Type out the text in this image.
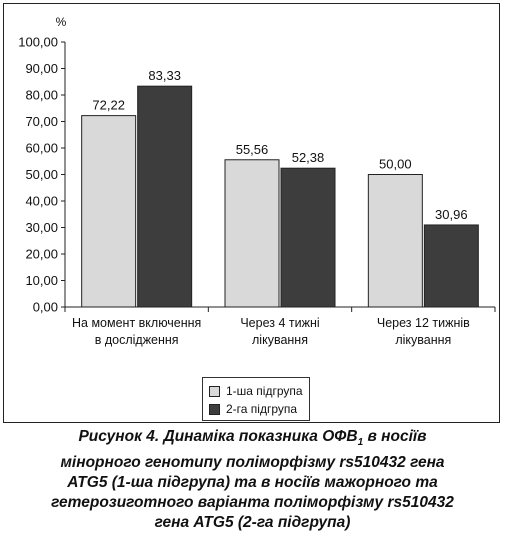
0,00
10,00
20,00
30,00
40,00
50,00
60,00
70,00
80,00
90,00
100,00
%
72,22
83,33
На момент включення
в дослідження
55,56
52,38
Через 4 тижні
лікування
50,00
30,96
Через 12 тижнів
лікування
1-ша підгрупа
2-га підгрупа
Рисунок 4. Динаміка показника $ОФВ_1$ в носіїв
мінорного генотипу поліморфізму rs510432 гена
ATG5 (1-ша підгрупа) та в носіїв мажорного та
гетерозиготного варіанта поліморфізму rs510432
гена ATG5 (2-га підгрупа)
